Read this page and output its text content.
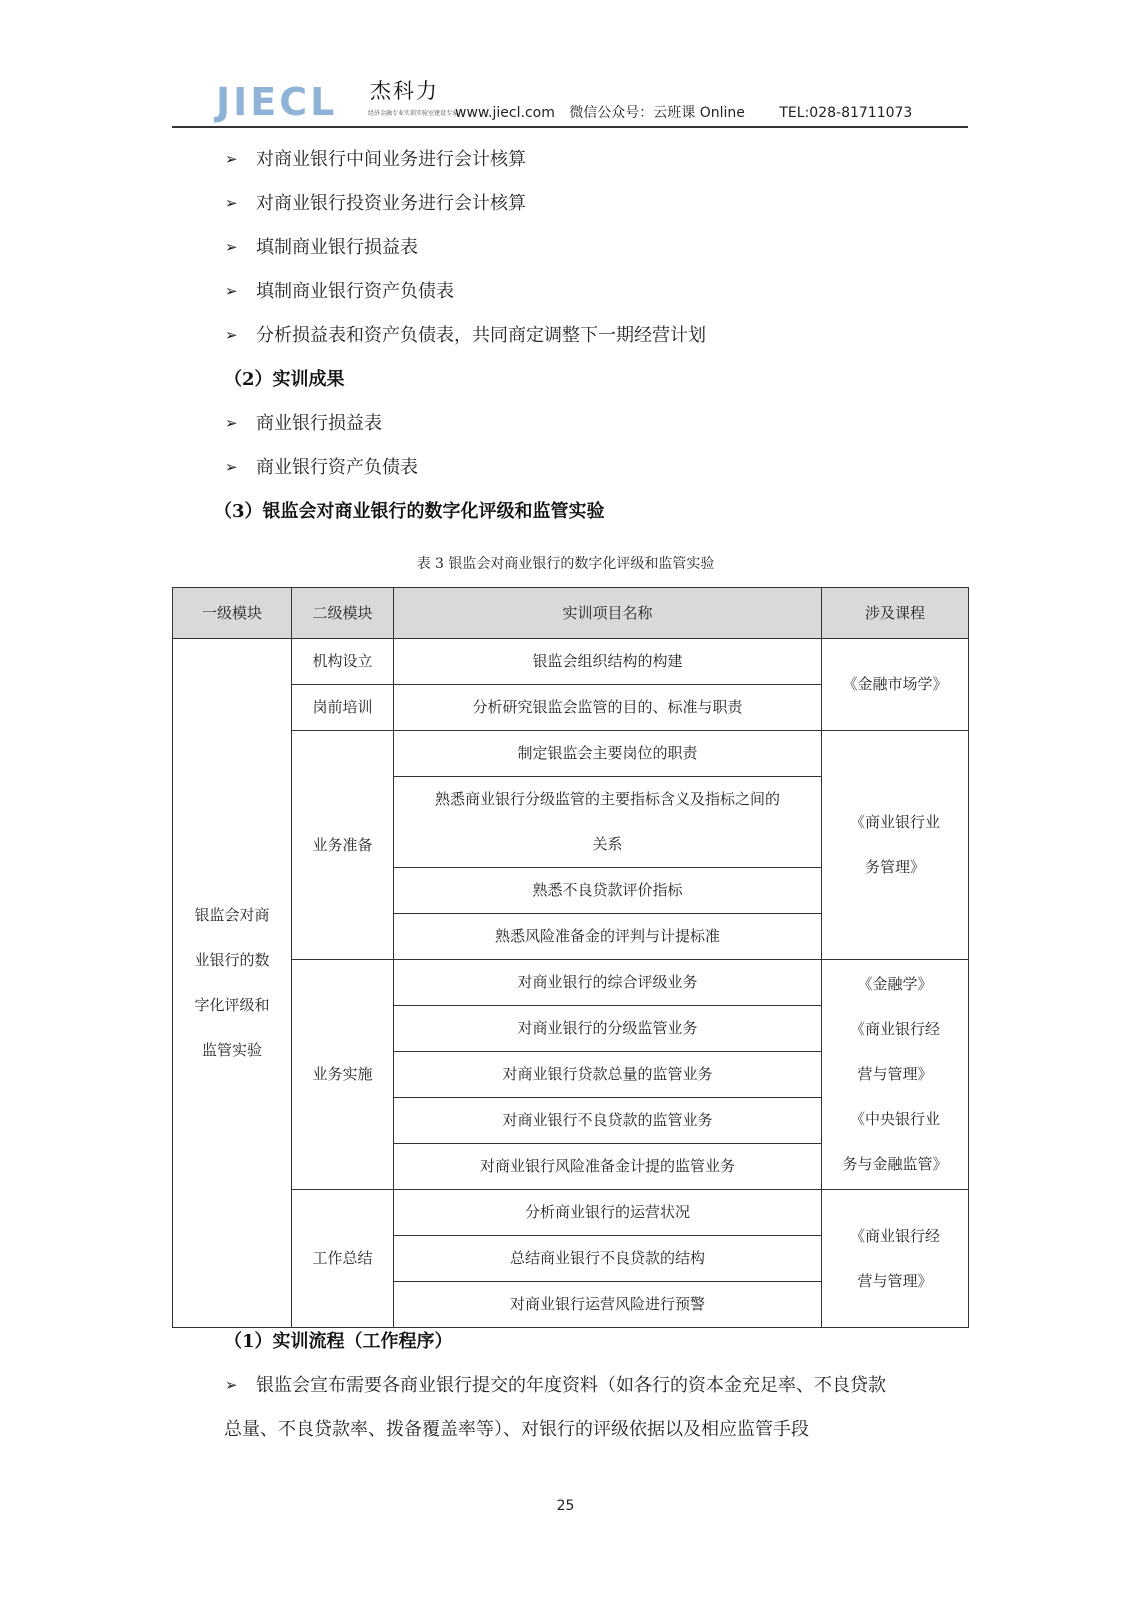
JIECL 杰科力
经济金融专业实训实验室建设专家
www.jiecl.com 微信公众号：云班课 Online TEL:028-81711073
➢ 对商业银行中间业务进行会计核算
➢ 对商业银行投资业务进行会计核算
➢ 填制商业银行损益表
➢ 填制商业银行资产负债表
➢ 分析损益表和资产负债表，共同商定调整下一期经营计划
（2）实训成果
➢ 商业银行损益表
➢ 商业银行资产负债表
（3）银监会对商业银行的数字化评级和监管实验
表 3 银监会对商业银行的数字化评级和监管实验
一级模块	二级模块	实训项目名称	涉及课程

银监会对商
业银行的数
字化评级和
监管实验	机构设立	银监会组织结构的构建	《金融市场学》

	岗前培训	分析研究银监会监管的目的、标准与职责	
	业务准备	制定银监会主要岗位的职责	《商业银行业
务管理》

		熟悉商业银行分级监管的主要指标含义及指标之间的
关系	

		熟悉不良贷款评价指标	
		熟悉风险准备金的评判与计提标准	
	业务实施	对商业银行的综合评级业务	《金融学》
《商业银行经
营与管理》
《中央银行业
务与金融监管》

		对商业银行的分级监管业务	
		对商业银行贷款总量的监管业务	
		对商业银行不良贷款的监管业务	
		对商业银行风险准备金计提的监管业务	
	工作总结	分析商业银行的运营状况	《商业银行经
营与管理》

		总结商业银行不良贷款的结构	
		对商业银行运营风险进行预警	
（1）实训流程（工作程序）
➢ 银监会宣布需要各商业银行提交的年度资料（如各行的资本金充足率、不良贷款
总量、不良贷款率、拨备覆盖率等）、对银行的评级依据以及相应监管手段
25
